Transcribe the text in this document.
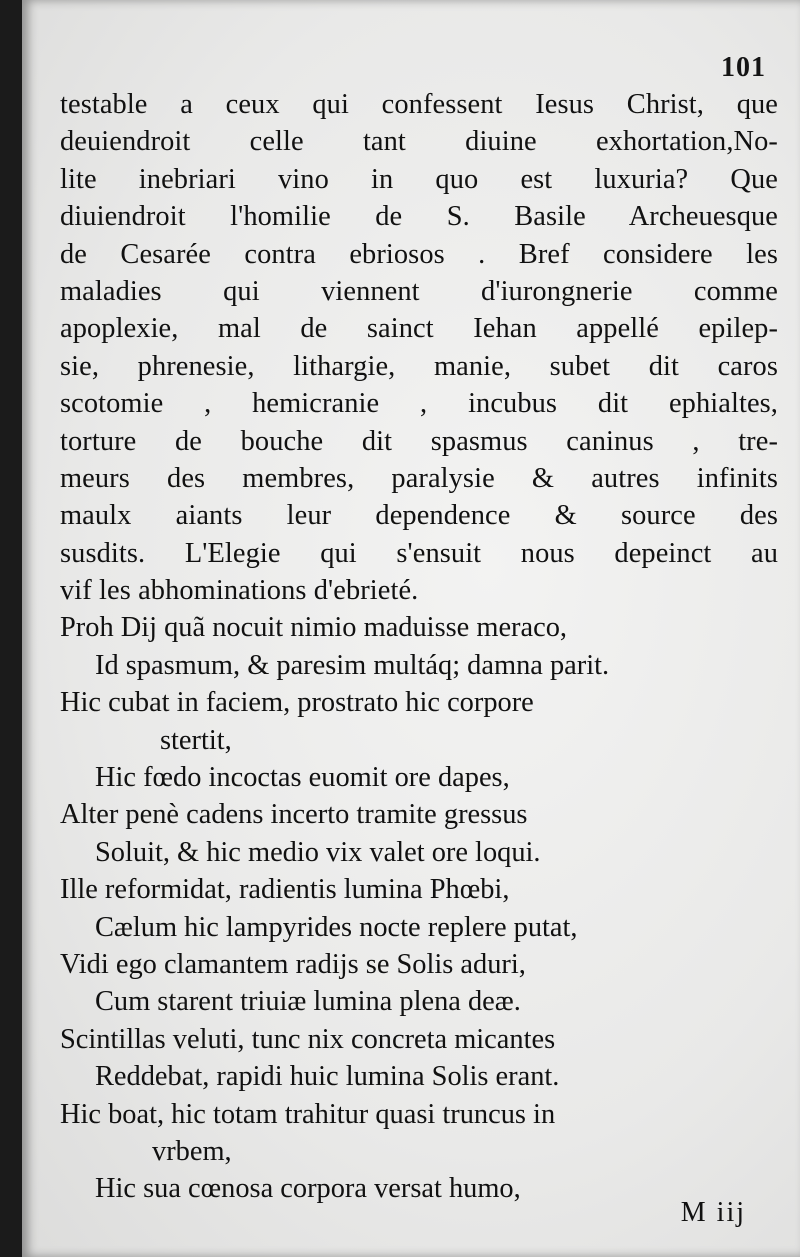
101
testable a ceux qui confessent Iesus Christ, que
deuiendroit celle tant diuine exhortation,No-
lite inebriari vino in quo est luxuria? Que
diuiendroit l'homilie de S. Basile Archeuesque
de Cesarée contra ebriosos . Bref considere les
maladies qui viennent d'iurongnerie comme
apoplexie, mal de sainct Iehan appellé epilep-
sie, phrenesie, lithargie, manie, subet dit caros
scotomie , hemicranie , incubus dit ephialtes,
torture de bouche dit spasmus caninus , tre-
meurs des membres, paralysie & autres infinits
maulx aiants leur dependence & source des
susdits. L'Elegie qui s'ensuit nous depeinct au
vif les abhominations d'ebrieté.
Proh Dij quã nocuit nimio maduisse meraco,
Id spasmum, & paresim multáq; damna parit.
Hic cubat in faciem, prostrato hic corpore
stertit,
Hic fœdo incoctas euomit ore dapes,
Alter penè cadens incerto tramite gressus
Soluit, & hic medio vix valet ore loqui.
Ille reformidat, radientis lumina Phœbi,
Cælum hic lampyrides nocte replere putat,
Vidi ego clamantem radijs se Solis aduri,
Cum starent triuiæ lumina plena deæ.
Scintillas veluti, tunc nix concreta micantes
Reddebat, rapidi huic lumina Solis erant.
Hic boat, hic totam trahitur quasi truncus in
vrbem,
Hic sua cœnosa corpora versat humo,
M iij
